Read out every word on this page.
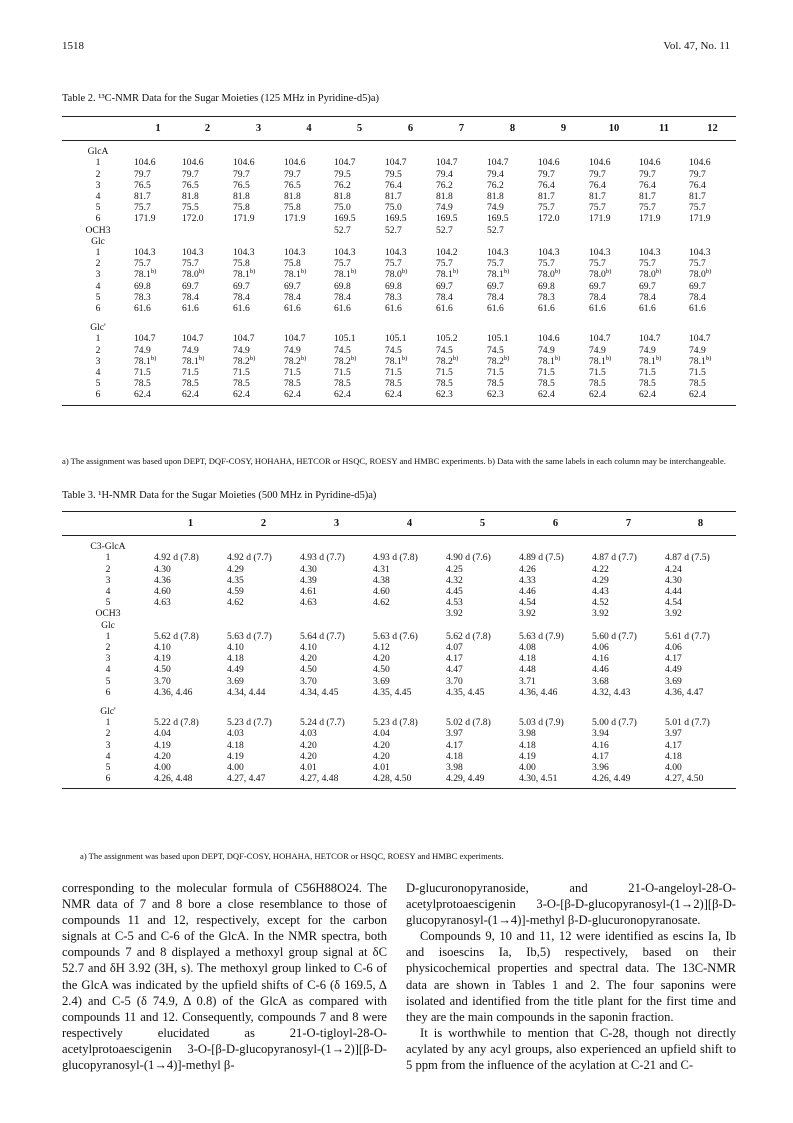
1518	Vol. 47, No. 11
Table 2. ¹³C-NMR Data for the Sugar Moieties (125 MHz in Pyridine-d5)a)
	1	2	3	4	5	6	7	8	9	10	11	12

GlcA												
1	104.6	104.6	104.6	104.6	104.7	104.7	104.7	104.7	104.6	104.6	104.6	104.6
2	79.7	79.7	79.7	79.7	79.5	79.5	79.4	79.4	79.7	79.7	79.7	79.7
3	76.5	76.5	76.5	76.5	76.2	76.4	76.2	76.2	76.4	76.4	76.4	76.4
4	81.7	81.8	81.8	81.8	81.8	81.7	81.8	81.8	81.7	81.7	81.7	81.7
5	75.7	75.5	75.8	75.8	75.0	75.0	74.9	74.9	75.7	75.7	75.7	75.7
6	171.9	172.0	171.9	171.9	169.5	169.5	169.5	169.5	172.0	171.9	171.9	171.9
OCH3					52.7	52.7	52.7	52.7				
Glc												
1	104.3	104.3	104.3	104.3	104.3	104.3	104.2	104.3	104.3	104.3	104.3	104.3
2	75.7	75.7	75.8	75.8	75.7	75.7	75.7	75.7	75.7	75.7	75.7	75.7
3	78.1$^{b)}$	78.0$^{b)}$	78.1$^{b)}$	78.1$^{b)}$	78.1$^{b)}$	78.0$^{b)}$	78.1$^{b)}$	78.1$^{b)}$	78.0$^{b)}$	78.0$^{b)}$	78.0$^{b)}$	78.0$^{b)}$
4	69.8	69.7	69.7	69.7	69.8	69.8	69.7	69.7	69.8	69.7	69.7	69.7
5	78.3	78.4	78.4	78.4	78.4	78.3	78.4	78.4	78.3	78.4	78.4	78.4
6	61.6	61.6	61.6	61.6	61.6	61.6	61.6	61.6	61.6	61.6	61.6	61.6

Glc'												
1	104.7	104.7	104.7	104.7	105.1	105.1	105.2	105.1	104.6	104.7	104.7	104.7
2	74.9	74.9	74.9	74.9	74.5	74.5	74.5	74.5	74.9	74.9	74.9	74.9
3	78.1$^{b)}$	78.1$^{b)}$	78.2$^{b)}$	78.2$^{b)}$	78.2$^{b)}$	78.1$^{b)}$	78.2$^{b)}$	78.2$^{b)}$	78.1$^{b)}$	78.1$^{b)}$	78.1$^{b)}$	78.1$^{b)}$
4	71.5	71.5	71.5	71.5	71.5	71.5	71.5	71.5	71.5	71.5	71.5	71.5
5	78.5	78.5	78.5	78.5	78.5	78.5	78.5	78.5	78.5	78.5	78.5	78.5
6	62.4	62.4	62.4	62.4	62.4	62.4	62.3	62.3	62.4	62.4	62.4	62.4
a) The assignment was based upon DEPT, DQF-COSY, HOHAHA, HETCOR or HSQC, ROESY and HMBC experiments. b) Data with the same labels in each column may be interchangeable.
Table 3. ¹H-NMR Data for the Sugar Moieties (500 MHz in Pyridine-d5)a)
	1	2	3	4	5	6	7	8

C3-GlcA								
1	4.92 d (7.8)	4.92 d (7.7)	4.93 d (7.7)	4.93 d (7.8)	4.90 d (7.6)	4.89 d (7.5)	4.87 d (7.7)	4.87 d (7.5)
2	4.30	4.29	4.30	4.31	4.25	4.26	4.22	4.24
3	4.36	4.35	4.39	4.38	4.32	4.33	4.29	4.30
4	4.60	4.59	4.61	4.60	4.45	4.46	4.43	4.44
5	4.63	4.62	4.63	4.62	4.53	4.54	4.52	4.54
OCH3					3.92	3.92	3.92	3.92
Glc								
1	5.62 d (7.8)	5.63 d (7.7)	5.64 d (7.7)	5.63 d (7.6)	5.62 d (7.8)	5.63 d (7.9)	5.60 d (7.7)	5.61 d (7.7)
2	4.10	4.10	4.10	4.12	4.07	4.08	4.06	4.06
3	4.19	4.18	4.20	4.20	4.17	4.18	4.16	4.17
4	4.50	4.49	4.50	4.50	4.47	4.48	4.46	4.49
5	3.70	3.69	3.70	3.69	3.70	3.71	3.68	3.69
6	4.36, 4.46	4.34, 4.44	4.34, 4.45	4.35, 4.45	4.35, 4.45	4.36, 4.46	4.32, 4.43	4.36, 4.47

Glc'								
1	5.22 d (7.8)	5.23 d (7.7)	5.24 d (7.7)	5.23 d (7.8)	5.02 d (7.8)	5.03 d (7.9)	5.00 d (7.7)	5.01 d (7.7)
2	4.04	4.03	4.03	4.04	3.97	3.98	3.94	3.97
3	4.19	4.18	4.20	4.20	4.17	4.18	4.16	4.17
4	4.20	4.19	4.20	4.20	4.18	4.19	4.17	4.18
5	4.00	4.00	4.01	4.01	3.98	4.00	3.96	4.00
6	4.26, 4.48	4.27, 4.47	4.27, 4.48	4.28, 4.50	4.29, 4.49	4.30, 4.51	4.26, 4.49	4.27, 4.50
a) The assignment was based upon DEPT, DQF-COSY, HOHAHA, HETCOR or HSQC, ROESY and HMBC experiments.

corresponding to the molecular formula of C56H88O24. The NMR data of 7 and 8 bore a close resemblance to those of compounds 11 and 12, respectively, except for the carbon signals at C-5 and C-6 of the GlcA. In the NMR spectra, both compounds 7 and 8 displayed a methoxyl group signal at δC 52.7 and δH 3.92 (3H, s). The methoxyl group linked to C-6 of the GlcA was indicated by the upfield shifts of C-6 (δ 169.5, Δ 2.4) and C-5 (δ 74.9, Δ 0.8) of the GlcA as compared with compounds 11 and 12. Consequently, compounds 7 and 8 were respectively elucidated as 21-O-tigloyl-28-O-acetylprotoaescigenin 3-O-[β-D-glucopyranosyl-(1→2)][β-D-glucopyranosyl-(1→4)]-methyl β-

D-glucuronopyranoside, and 21-O-angeloyl-28-O-acetylprotoaescigenin 3-O-[β-D-glucopyranosyl-(1→2)][β-D-glucopyranosyl-(1→4)]-methyl β-D-glucuronopyranosate.

Compounds 9, 10 and 11, 12 were identified as escins Ia, Ib and isoescins Ia, Ib,5) respectively, based on their physicochemical properties and spectral data. The 13C-NMR data are shown in Tables 1 and 2. The four saponins were isolated and identified from the title plant for the first time and they are the main compounds in the saponin fraction.

It is worthwhile to mention that C-28, though not directly acylated by any acyl groups, also experienced an upfield shift to 5 ppm from the influence of the acylation at C-21 and C-
